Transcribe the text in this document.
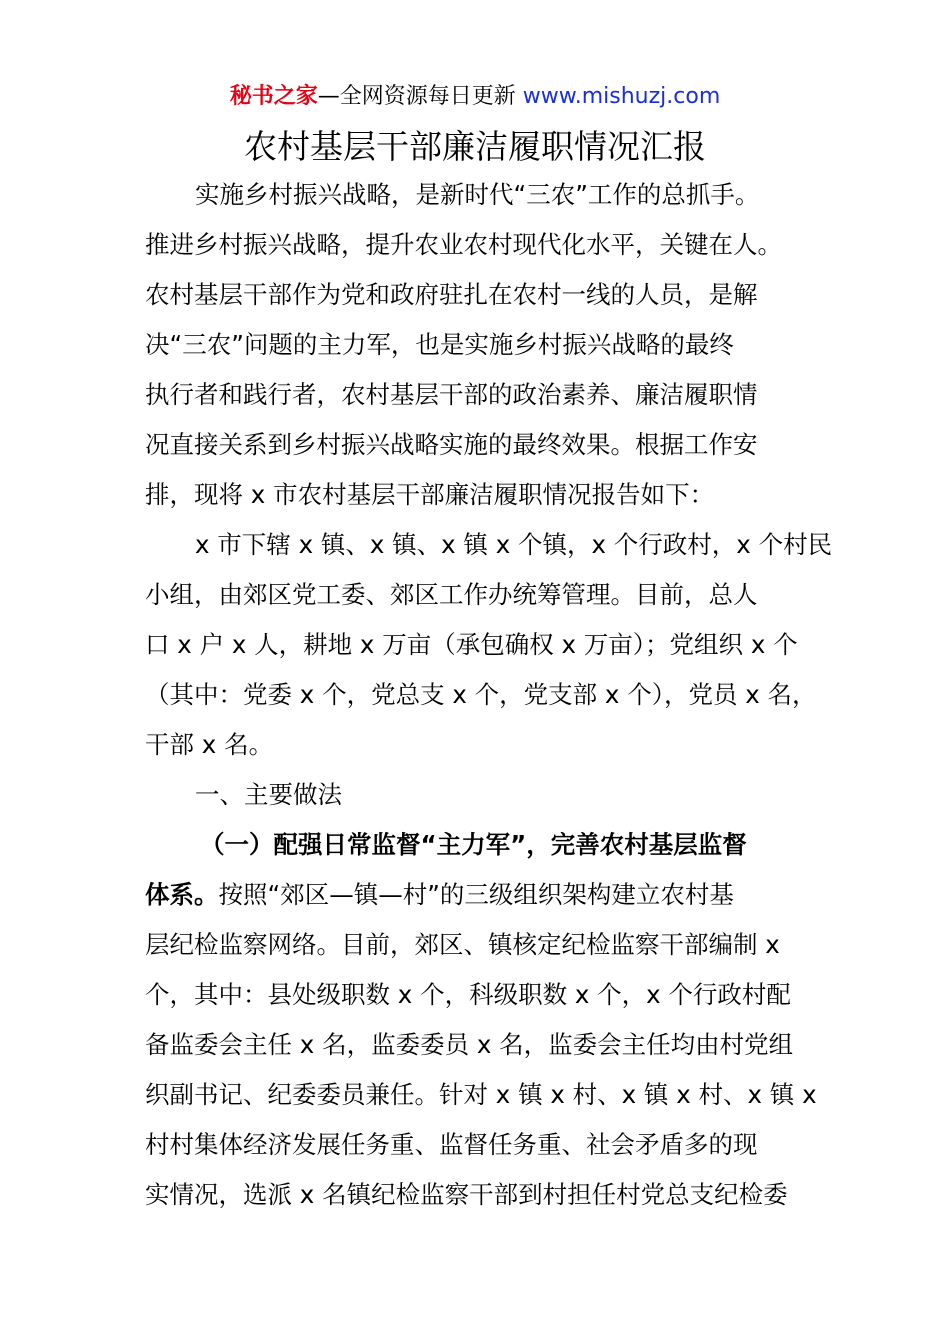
秘书之家—全网资源每日更新 www.mishuzj.com
农村基层干部廉洁履职情况汇报
实施乡村振兴战略，是新时代“三农”工作的总抓手。
推进乡村振兴战略，提升农业农村现代化水平，关键在人。
农村基层干部作为党和政府驻扎在农村一线的人员，是解
决“三农”问题的主力军，也是实施乡村振兴战略的最终
执行者和践行者，农村基层干部的政治素养、廉洁履职情
况直接关系到乡村振兴战略实施的最终效果。根据工作安
排，现将 x 市农村基层干部廉洁履职情况报告如下：
x 市下辖 x 镇、x 镇、x 镇 x 个镇，x 个行政村，x 个村民
小组，由郊区党工委、郊区工作办统筹管理。目前，总人
口 x 户 x 人，耕地 x 万亩（承包确权 x 万亩）；党组织 x 个
（其中：党委 x 个，党总支 x 个，党支部 x 个），党员 x 名，
干部 x 名。
一、主要做法
（一）配强日常监督“主力军”，完善农村基层监督
体系。按照“郊区—镇—村”的三级组织架构建立农村基
层纪检监察网络。目前，郊区、镇核定纪检监察干部编制 x
个，其中：县处级职数 x 个，科级职数 x 个，x 个行政村配
备监委会主任 x 名，监委委员 x 名，监委会主任均由村党组
织副书记、纪委委员兼任。针对 x 镇 x 村、x 镇 x 村、x 镇 x
村村集体经济发展任务重、监督任务重、社会矛盾多的现
实情况，选派 x 名镇纪检监察干部到村担任村党总支纪检委
